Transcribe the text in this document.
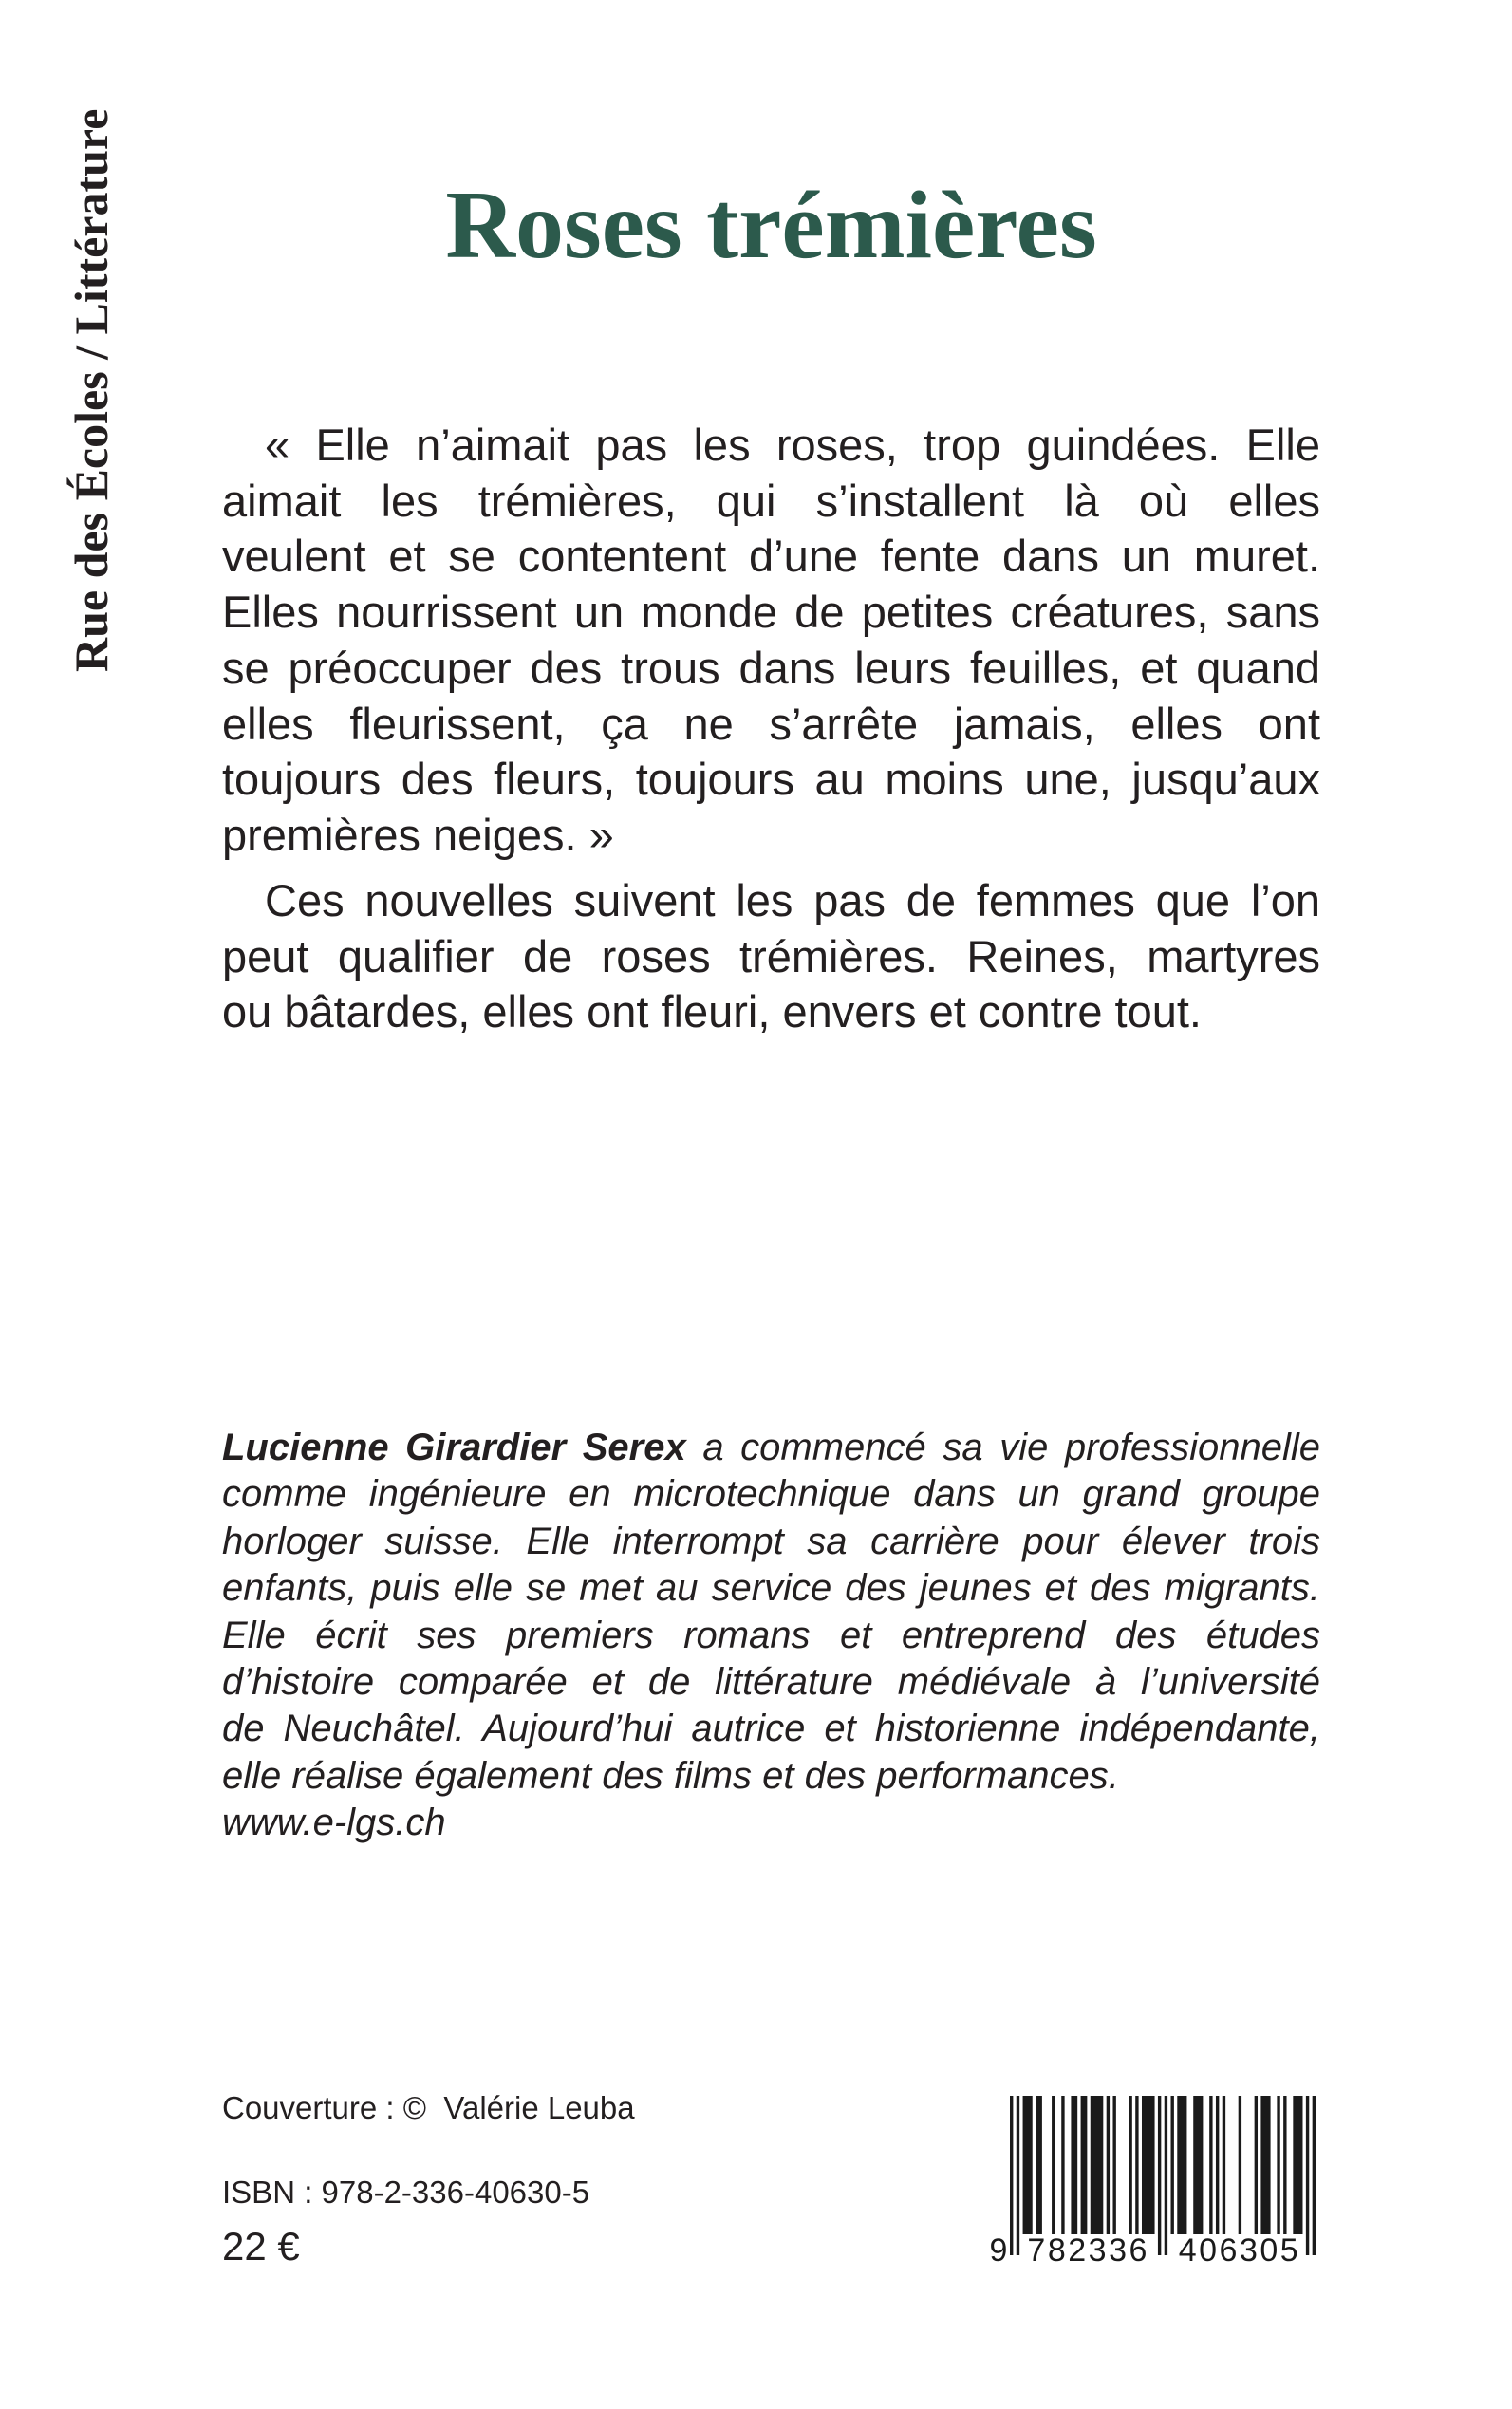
Rue des Écoles / Littérature	Roses trémières
« Elle n’aimait pas les roses, trop guindées. Elle
aimait les trémières, qui s’installent là où elles
veulent et se contentent d’une fente dans un muret.
Elles nourrissent un monde de petites créatures, sans
se préoccuper des trous dans leurs feuilles, et quand
elles fleurissent, ça ne s’arrête jamais, elles ont
toujours des fleurs, toujours au moins une, jusqu’aux
premières neiges. »
Ces nouvelles suivent les pas de femmes que l’on
peut qualifier de roses trémières. Reines, martyres
ou bâtardes, elles ont fleuri, envers et contre tout.
Lucienne Girardier Serex a commencé sa vie professionnelle
comme ingénieure en microtechnique dans un grand groupe
horloger suisse. Elle interrompt sa carrière pour élever trois
enfants, puis elle se met au service des jeunes et des migrants.
Elle écrit ses premiers romans et entreprend des études
d’histoire comparée et de littérature médiévale à l’université
de Neuchâtel. Aujourd’hui autrice et historienne indépendante,
elle réalise également des films et des performances.
www.e-lgs.ch
Couverture : ©  Valérie Leuba
ISBN : 978-2-336-40630-5
22 €	9 782336 406305
